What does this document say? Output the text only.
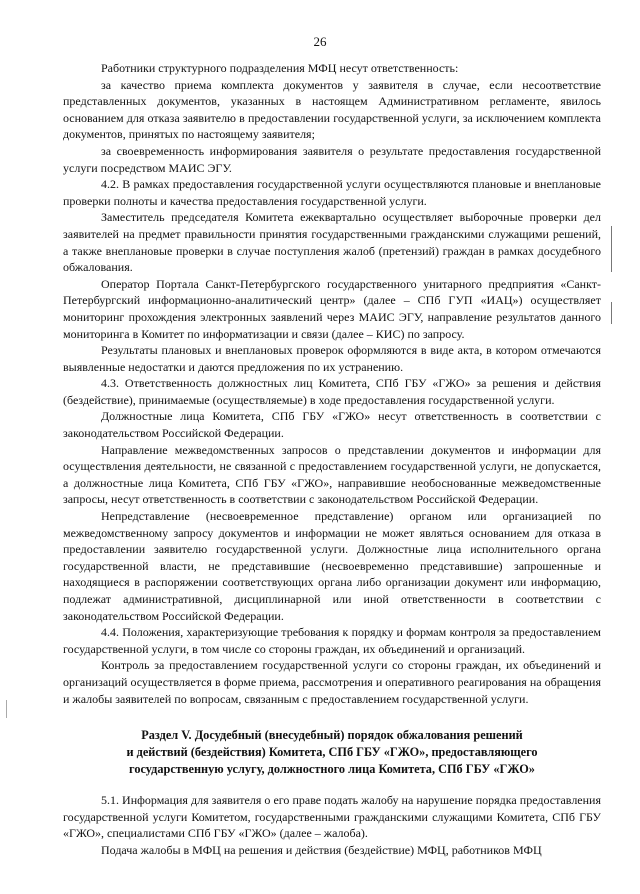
26

Работники структурного подразделения МФЦ несут ответственность:

за качество приема комплекта документов у заявителя в случае, если несоответствие представленных документов, указанных в настоящем Административном регламенте, явилось основанием для отказа заявителю в предоставлении государственной услуги, за исключением комплекта документов, принятых по настоящему заявителя;

за своевременность информирования заявителя о результате предоставления государственной услуги посредством МАИС ЭГУ.

4.2. В рамках предоставления государственной услуги осуществляются плановые и внеплановые проверки полноты и качества предоставления государственной услуги.

Заместитель председателя Комитета ежеквартально осуществляет выборочные проверки дел заявителей на предмет правильности принятия государственными гражданскими служащими решений, а также внеплановые проверки в случае поступления жалоб (претензий) граждан в рамках досудебного обжалования.

Оператор Портала Санкт-Петербургского государственного унитарного предприятия «Санкт-Петербургский информационно-аналитический центр» (далее – СПб ГУП «ИАЦ») осуществляет мониторинг прохождения электронных заявлений через МАИС ЭГУ, направление результатов данного мониторинга в Комитет по информатизации и связи (далее – КИС) по запросу.

Результаты плановых и внеплановых проверок оформляются в виде акта, в котором отмечаются выявленные недостатки и даются предложения по их устранению.

4.3. Ответственность должностных лиц Комитета, СПб ГБУ «ГЖО» за решения и действия (бездействие), принимаемые (осуществляемые) в ходе предоставления государственной услуги.

Должностные лица Комитета, СПб ГБУ «ГЖО» несут ответственность в соответствии с законодательством Российской Федерации.

Направление межведомственных запросов о представлении документов и информации для осуществления деятельности, не связанной с предоставлением государственной услуги, не допускается, а должностные лица Комитета, СПб ГБУ «ГЖО», направившие необоснованные межведомственные запросы, несут ответственность в соответствии с законодательством Российской Федерации.

Непредставление (несвоевременное представление) органом или организацией по межведомственному запросу документов и информации не может являться основанием для отказа в предоставлении заявителю государственной услуги. Должностные лица исполнительного органа государственной власти, не представившие (несвоевременно представившие) запрошенные и находящиеся в распоряжении соответствующих органа либо организации документ или информацию, подлежат административной, дисциплинарной или иной ответственности в соответствии с законодательством Российской Федерации.

4.4. Положения, характеризующие требования к порядку и формам контроля за предоставлением государственной услуги, в том числе со стороны граждан, их объединений и организаций.

Контроль за предоставлением государственной услуги со стороны граждан, их объединений и организаций осуществляется в форме приема, рассмотрения и оперативного реагирования на обращения и жалобы заявителей по вопросам, связанным с предоставлением государственной услуги.

Раздел V. Досудебный (внесудебный) порядок обжалования решений
и действий (бездействия) Комитета, СПб ГБУ «ГЖО», предоставляющего
государственную услугу, должностного лица Комитета, СПб ГБУ «ГЖО»

5.1. Информация для заявителя о его праве подать жалобу на нарушение порядка предоставления государственной услуги Комитетом, государственными гражданскими служащими Комитета, СПб ГБУ «ГЖО», специалистами СПб ГБУ «ГЖО» (далее – жалоба).

Подача жалобы в МФЦ на решения и действия (бездействие) МФЦ, работников МФЦ
